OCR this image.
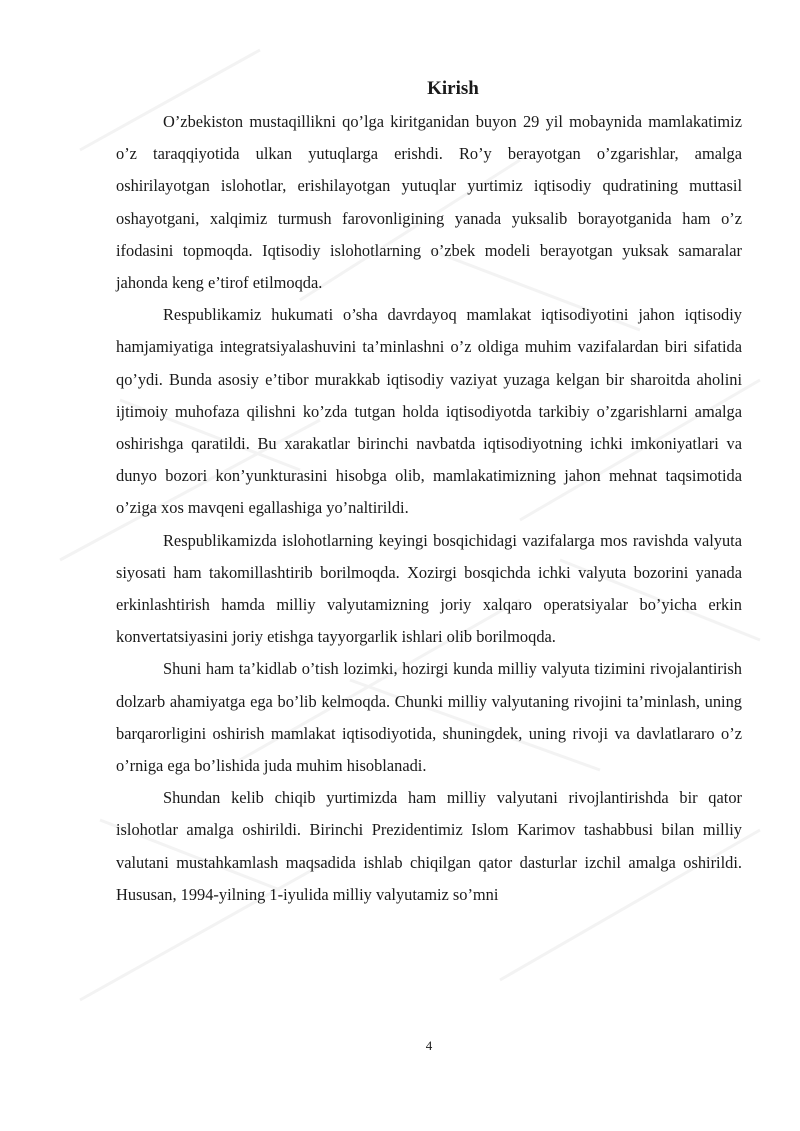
Kirish

O’zbekiston mustaqillikni qo’lga kiritganidan buyon 29 yil mobaynida mamlakatimiz o’z taraqqiyotida ulkan yutuqlarga erishdi. Ro’y berayotgan o’zgarishlar, amalga oshirilayotgan islohotlar, erishilayotgan yutuqlar yurtimiz iqtisodiy qudratining muttasil oshayotgani, xalqimiz turmush farovonligining yanada yuksalib borayotganida ham o’z ifodasini topmoqda. Iqtisodiy islohotlarning o’zbek modeli berayotgan yuksak samaralar jahonda keng e’tirof etilmoqda.

Respublikamiz hukumati o’sha davrdayoq mamlakat iqtisodiyotini jahon iqtisodiy hamjamiyatiga integratsiyalashuvini ta’minlashni o’z oldiga muhim vazifalardan biri sifatida qo’ydi. Bunda asosiy e’tibor murakkab iqtisodiy vaziyat yuzaga kelgan bir sharoitda aholini ijtimoiy muhofaza qilishni ko’zda tutgan holda iqtisodiyotda tarkibiy o’zgarishlarni amalga oshirishga qaratildi. Bu xarakatlar birinchi navbatda iqtisodiyotning ichki imkoniyatlari va dunyo bozori kon’yunkturasini hisobga olib, mamlakatimizning jahon mehnat taqsimotida o’ziga xos mavqeni egallashiga yo’naltirildi.

Respublikamizda islohotlarning keyingi bosqichidagi vazifalarga mos ravishda valyuta siyosati ham takomillashtirib borilmoqda. Xozirgi bosqichda ichki valyuta bozorini yanada erkinlashtirish hamda milliy valyutamizning joriy xalqaro operatsiyalar bo’yicha erkin konvertatsiyasini joriy etishga tayyorgarlik ishlari olib borilmoqda.

Shuni ham ta’kidlab o’tish lozimki, hozirgi kunda milliy valyuta tizimini rivojalantirish dolzarb ahamiyatga ega bo’lib kelmoqda. Chunki milliy valyutaning rivojini ta’minlash, uning barqarorligini oshirish mamlakat iqtisodiyotida, shuningdek, uning rivoji va davlatlararo o’z o’rniga ega bo’lishida juda muhim hisoblanadi.

Shundan kelib chiqib yurtimizda ham milliy valyutani rivojlantirishda bir qator islohotlar amalga oshirildi. Birinchi Prezidentimiz Islom Karimov tashabbusi bilan milliy valutani mustahkamlash maqsadida ishlab chiqilgan qator dasturlar izchil amalga oshirildi. Hususan, 1994-yilning 1-iyulida milliy valyutamiz so’mni

4
